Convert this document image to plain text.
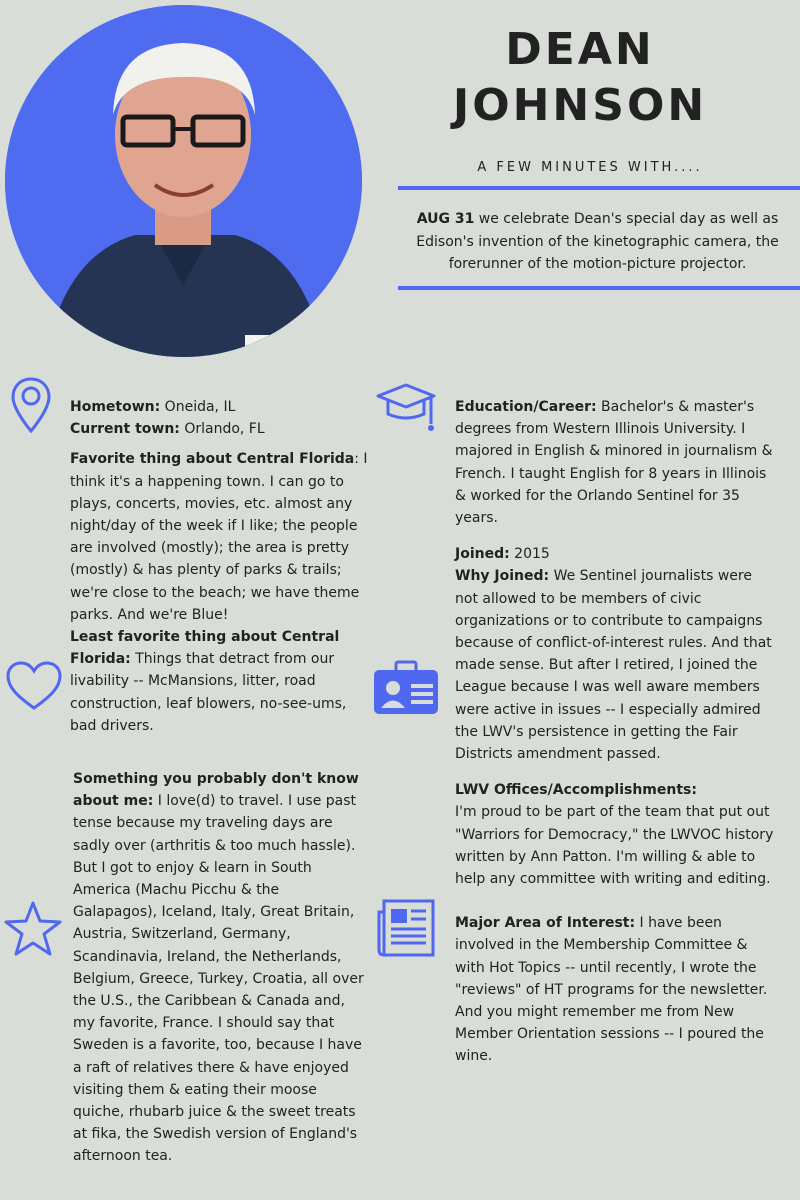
DEAN
JOHNSON
A FEW MINUTES WITH....
AUG 31 we celebrate Dean's special day as well as Edison's invention of the kinetographic camera, the forerunner of the motion-picture projector.

Hometown: Oneida, IL

Current town: Orlando, FL

Favorite thing about Central Florida: I think it's a happening town. I can go to plays, concerts, movies, etc. almost any night/day of the week if I like; the people are involved (mostly); the area is pretty (mostly) & has plenty of parks & trails; we're close to the beach; we have theme parks. And we're Blue!

Least favorite thing about Central Florida: Things that detract from our livability -- McMansions, litter, road construction, leaf blowers, no-see-ums, bad drivers.

Something you probably don't know about me: I love(d) to travel. I use past tense because my traveling days are sadly over (arthritis & too much hassle). But I got to enjoy & learn in South America (Machu Picchu & the Galapagos), Iceland, Italy, Great Britain, Austria, Switzerland, Germany, Scandinavia, Ireland, the Netherlands, Belgium, Greece, Turkey, Croatia, all over the U.S., the Caribbean & Canada and, my favorite, France. I should say that Sweden is a favorite, too, because I have a raft of relatives there & have enjoyed visiting them & eating their moose quiche, rhubarb juice & the sweet treats at fika, the Swedish version of England's afternoon tea.

Education/Career: Bachelor's & master's degrees from Western Illinois University. I majored in English & minored in journalism & French. I taught English for 8 years in Illinois & worked for the Orlando Sentinel for 35 years.

Joined: 2015

Why Joined: We Sentinel journalists were not allowed to be members of civic organizations or to contribute to campaigns because of conflict-of-interest rules. And that made sense. But after I retired, I joined the League because I was well aware members were active in issues -- I especially admired the LWV's persistence in getting the Fair Districts amendment passed.

LWV Offices/Accomplishments:

I'm proud to be part of the team that put out "Warriors for Democracy," the LWVOC history written by Ann Patton. I'm willing & able to help any committee with writing and editing.

Major Area of Interest: I have been involved in the Membership Committee & with Hot Topics -- until recently, I wrote the "reviews" of HT programs for the newsletter. And you might remember me from New Member Orientation sessions -- I poured the wine.
